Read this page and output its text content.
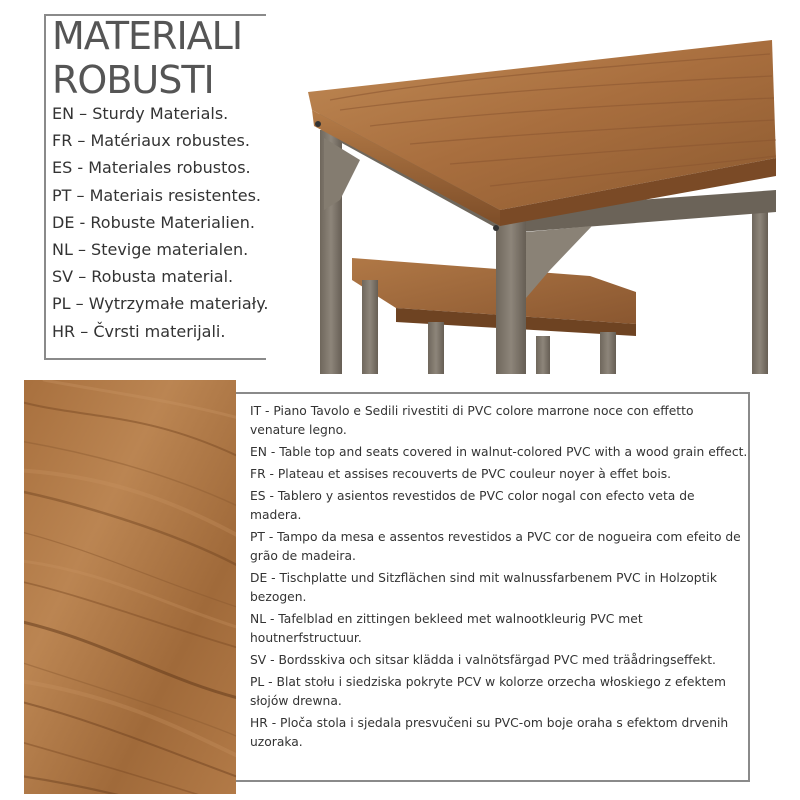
MATERIALI
ROBUSTI
EN – Sturdy Materials.
FR – Matériaux robustes.
ES - Materiales robustos.
PT – Materiais resistentes.
DE - Robuste Materialien.
NL – Stevige materialen.
SV – Robusta material.
PL – Wytrzymałe materiały.
HR – Čvrsti materijali.
IT - Piano Tavolo e Sedili rivestiti di PVC colore marrone noce con effetto venature legno.
EN - Table top and seats covered in walnut-colored PVC with a wood grain effect.
FR - Plateau et assises recouverts de PVC couleur noyer à effet bois.
ES - Tablero y asientos revestidos de PVC color nogal con efecto veta de madera.
PT - Tampo da mesa e assentos revestidos a PVC cor de nogueira com efeito de grão de madeira.
DE - Tischplatte und Sitzflächen sind mit walnussfarbenem PVC in Holzoptik bezogen.
NL - Tafelblad en zittingen bekleed met walnootkleurig PVC met houtnerfstructuur.
SV - Bordsskiva och sitsar klädda i valnötsfärgad PVC med träådringseffekt.
PL - Blat stołu i siedziska pokryte PCV w kolorze orzecha włoskiego z efektem słojów drewna.
HR - Ploča stola i sjedala presvučeni su PVC-om boje oraha s efektom drvenih uzoraka.
